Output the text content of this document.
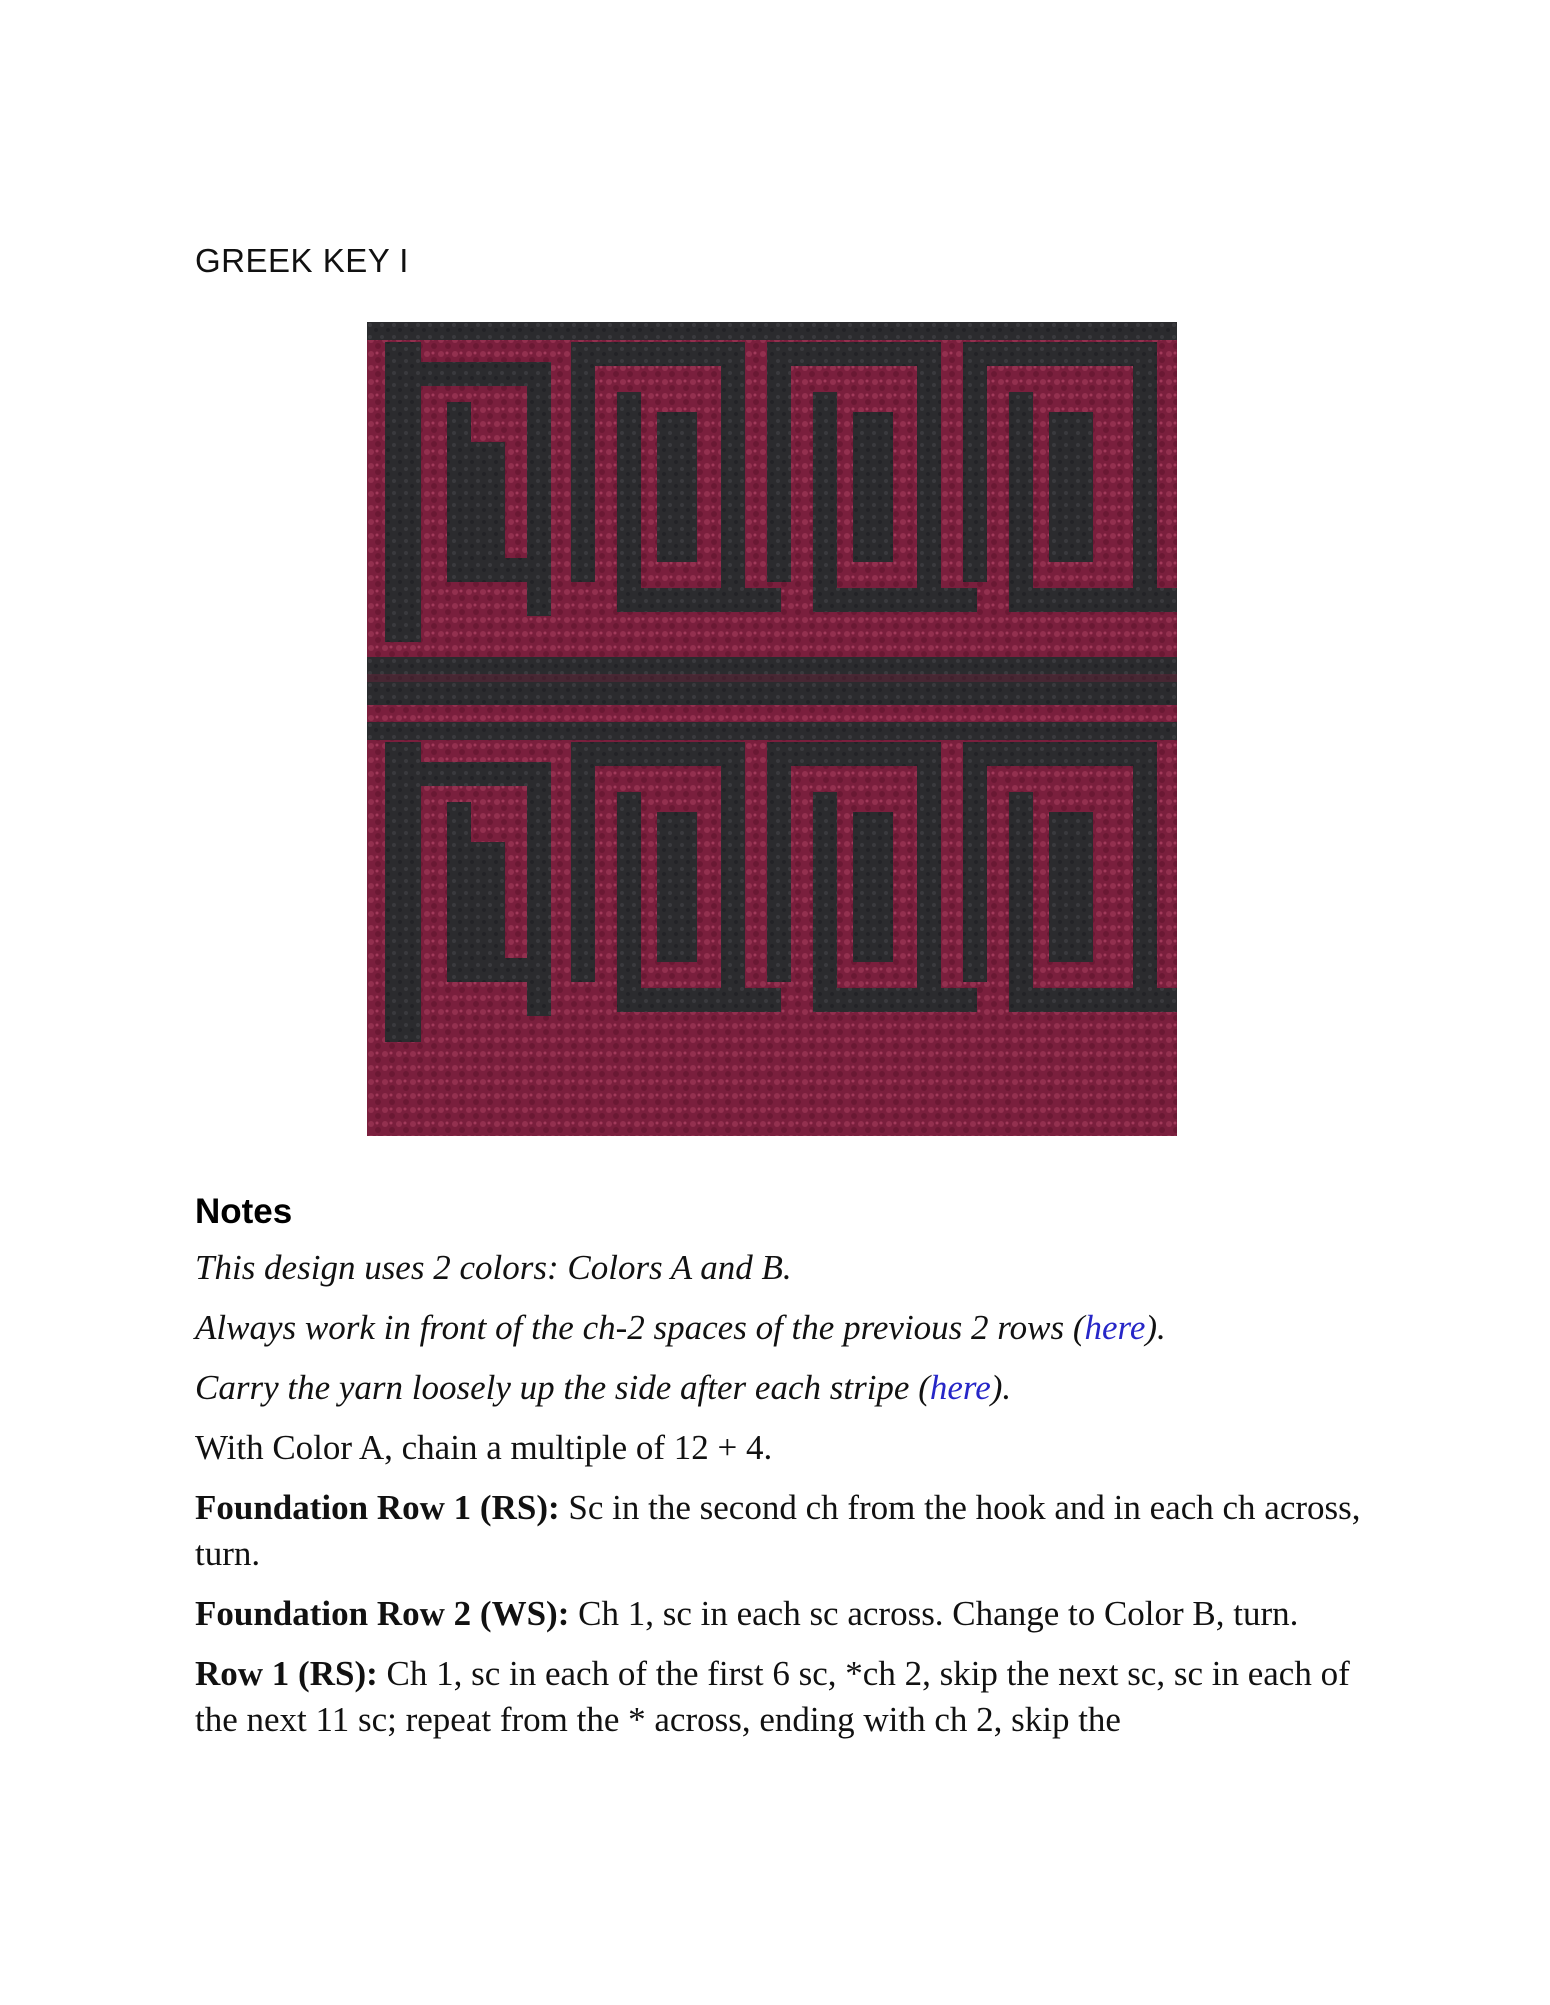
GREEK KEY I
Notes

This design uses 2 colors: Colors A and B.

Always work in front of the ch-2 spaces of the previous 2 rows (here).

Carry the yarn loosely up the side after each stripe (here).

With Color A, chain a multiple of 12 + 4.

Foundation Row 1 (RS): Sc in the second ch from the hook and in each ch across, turn.

Foundation Row 2 (WS): Ch 1, sc in each sc across. Change to Color B, turn.

Row 1 (RS): Ch 1, sc in each of the first 6 sc, *ch 2, skip the next sc, sc in each of the next 11 sc; repeat from the * across, ending with ch 2, skip the
